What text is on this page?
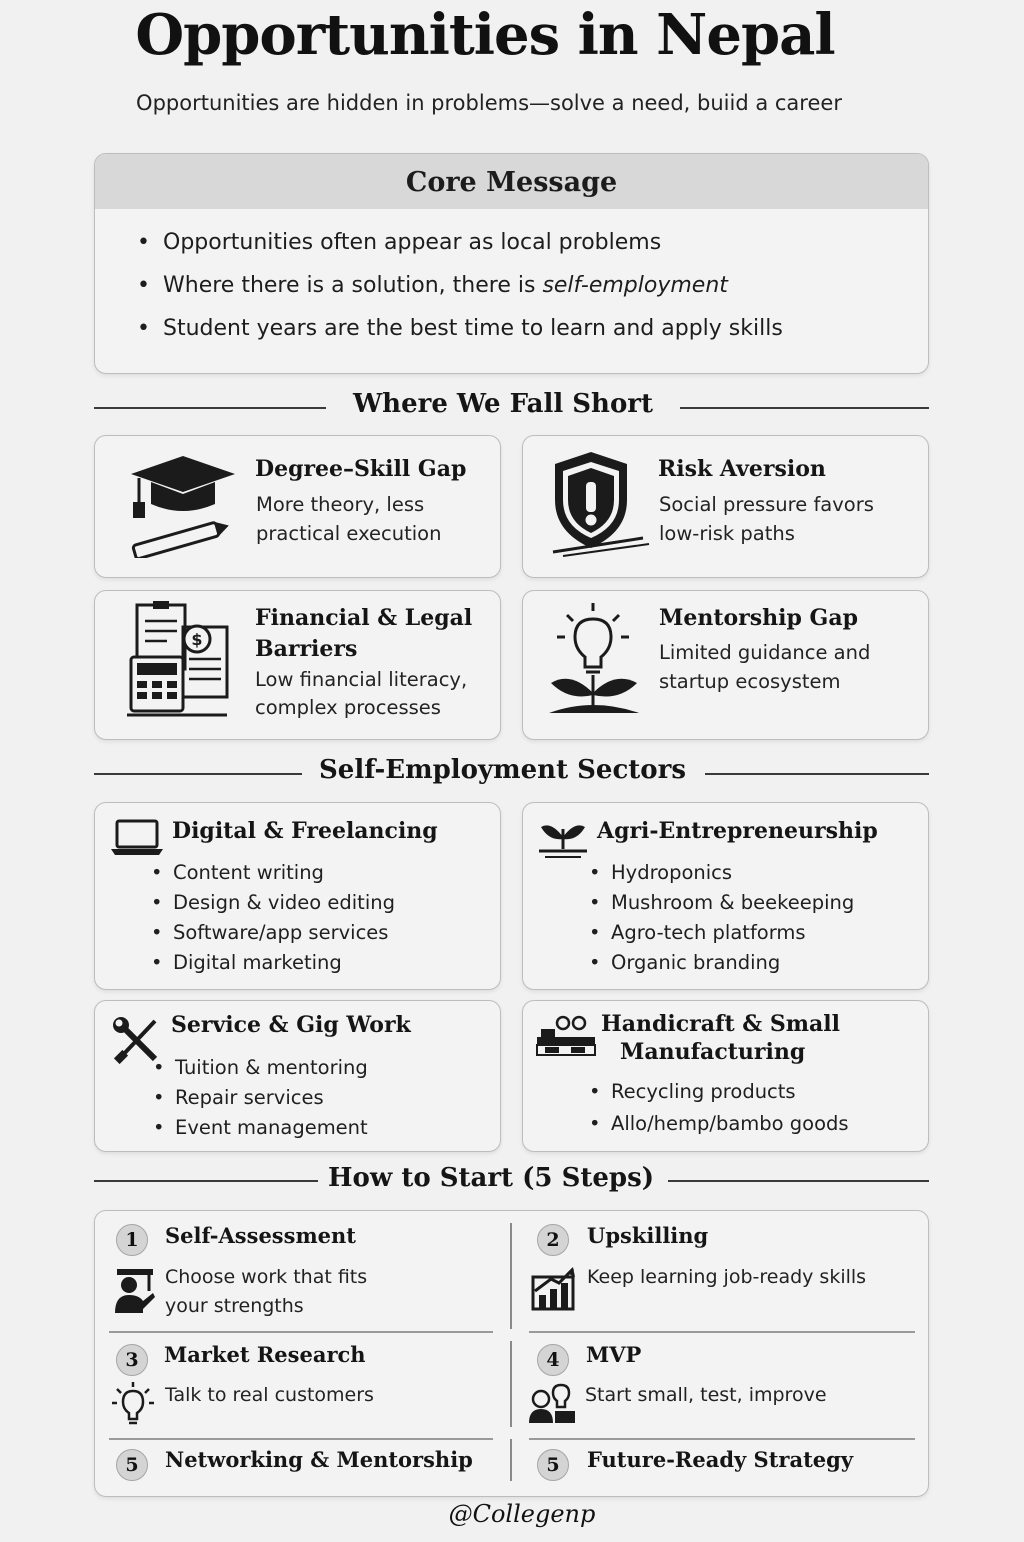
Opportunities in Nepal
Opportunities are hidden in problems—solve a need, buiid a career
Core Message
• Opportunities often appear as local problems
• Where there is a solution, there is self-employment
• Student years are the best time to learn and apply skills
Where We Fall Short
Degree–Skill Gap
More theory, less
practical execution
Risk Aversion
Social pressure favors
low-risk paths
$
Financial & Legal
Barriers
Low financial literacy,
complex processes
Mentorship Gap
Limited guidance and
startup ecosystem
Self-Employment Sectors
Digital & Freelancing
• Content writing
• Design & video editing
• Software/app services
• Digital marketing
Agri-Entrepreneurship
• Hydroponics
• Mushroom & beekeeping
• Agro-tech platforms
• Organic branding
Service & Gig Work
• Tuition & mentoring
• Repair services
• Event management
Handicraft & Small
Manufacturing
• Recycling products
• Allo/hemp/bambo goods
How to Start (5 Steps)
1	Self-Assessment
Choose work that fits
your strengths
2	Upskilling
Keep learning job-ready skills
3	Market Research
Talk to real customers
4	MVP
Start small, test, improve
5	Networking & Mentorship	5	Future-Ready Strategy
@Collegenp
